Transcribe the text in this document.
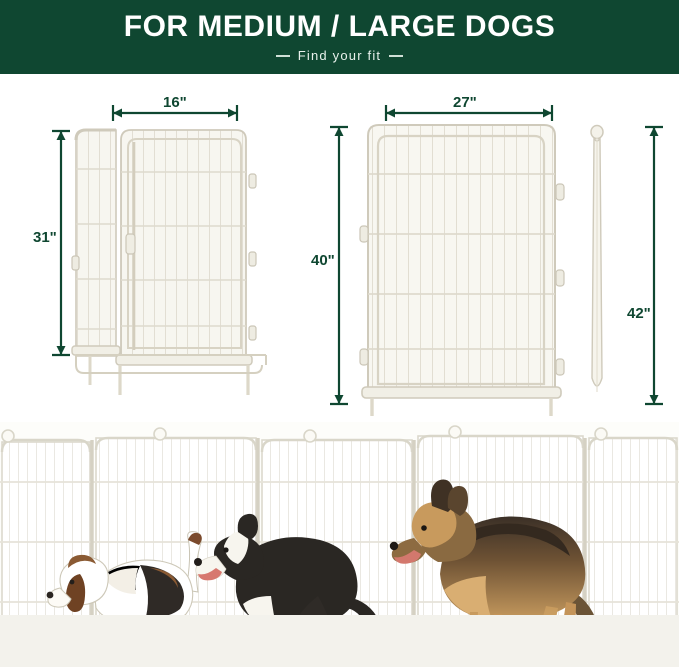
FOR MEDIUM / LARGE DOGS
Find your fit
16"
31"
27"
40"
42"
